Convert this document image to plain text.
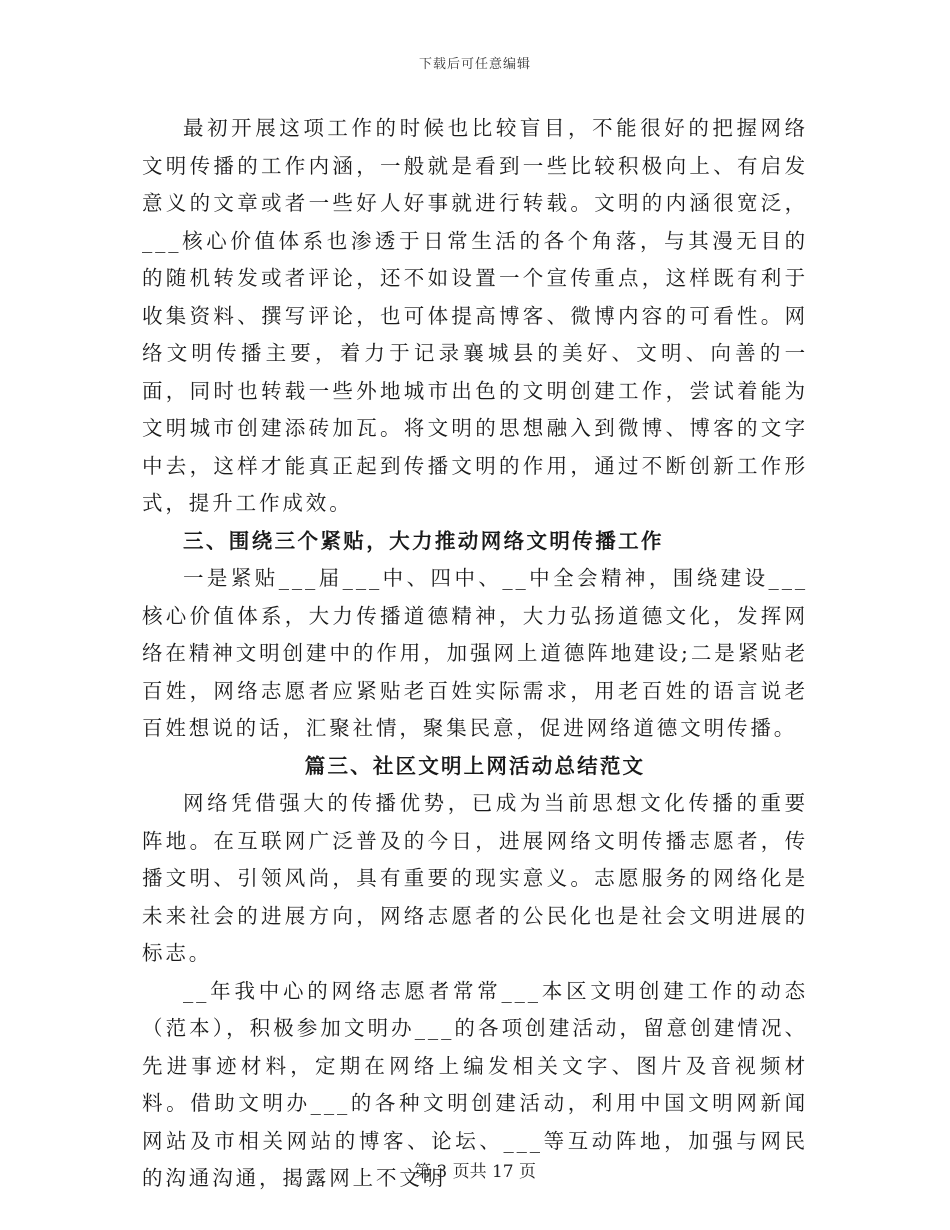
下载后可任意编辑

最初开展这项工作的时候也比较盲目，不能很好的把握网络文明传播的工作内涵，一般就是看到一些比较积极向上、有启发意义的文章或者一些好人好事就进行转载。文明的内涵很宽泛，___核心价值体系也渗透于日常生活的各个角落，与其漫无目的的随机转发或者评论，还不如设置一个宣传重点，这样既有利于收集资料、撰写评论，也可体提高博客、微博内容的可看性。网络文明传播主要，着力于记录襄城县的美好、文明、向善的一面，同时也转载一些外地城市出色的文明创建工作，尝试着能为文明城市创建添砖加瓦。将文明的思想融入到微博、博客的文字中去，这样才能真正起到传播文明的作用，通过不断创新工作形式，提升工作成效。

三、围绕三个紧贴，大力推动网络文明传播工作

一是紧贴___届___中、四中、__中全会精神，围绕建设___核心价值体系，大力传播道德精神，大力弘扬道德文化，发挥网络在精神文明创建中的作用，加强网上道德阵地建设;二是紧贴老百姓，网络志愿者应紧贴老百姓实际需求，用老百姓的语言说老百姓想说的话，汇聚社情，聚集民意，促进网络道德文明传播。

篇三、社区文明上网活动总结范文

网络凭借强大的传播优势，已成为当前思想文化传播的重要阵地。在互联网广泛普及的今日，进展网络文明传播志愿者，传播文明、引领风尚，具有重要的现实意义。志愿服务的网络化是未来社会的进展方向，网络志愿者的公民化也是社会文明进展的标志。

__年我中心的网络志愿者常常___本区文明创建工作的动态（范本），积极参加文明办___的各项创建活动，留意创建情况、先进事迹材料，定期在网络上编发相关文字、图片及音视频材料。借助文明办___的各种文明创建活动，利用中国文明网新闻网站及市相关网站的博客、论坛、___等互动阵地，加强与网民的沟通沟通，揭露网上不文明

第 3 页共 17 页
